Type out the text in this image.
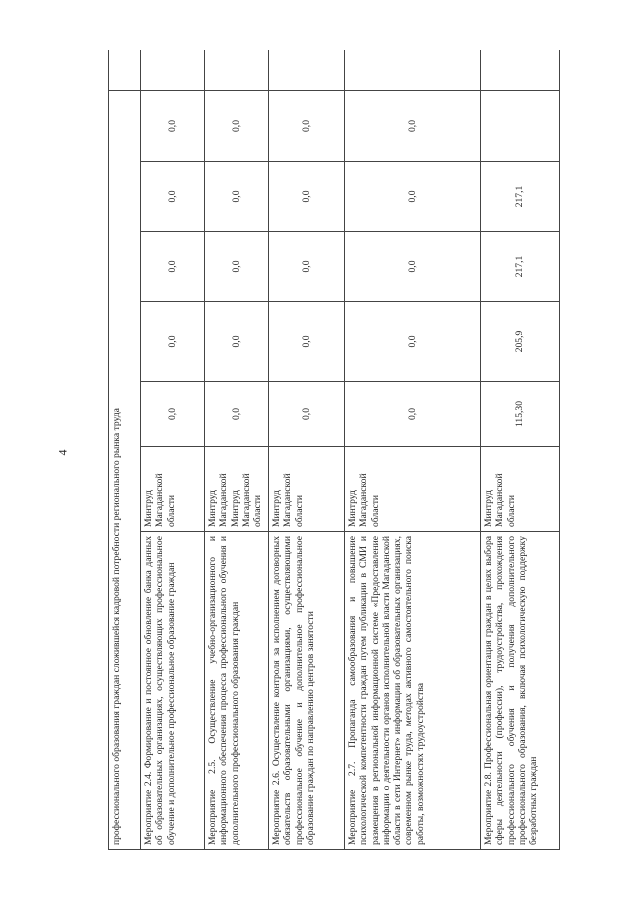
4	профессионального образования граждан сложившейся кадровой потребности регионального рынка труда	Мероприятие 2.4. Формирование и постоянное обновление банка данных об образовательных организациях, осуществляющих профессиональное обучение и дополнительное профессиональное образование граждан
Минтруд Магаданской области
0,0
0,0
0,0
0,0
0,0
Мероприятие 2.5. Осуществление учебно-организационного и информационного обеспечения процесса профессионального обучения и дополнительного профессионального образования граждан
Минтруд Магаданской Минтруд Магаданской области
0,0
0,0
0,0
0,0
0,0
Мероприятие 2.6. Осуществление контроля за исполнением договорных обязательств образовательными организациями, осуществляющими профессиональное обучение и дополнительное профессиональное образование граждан по направлению центров занятости
Минтруд Магаданской области
0,0
0,0
0,0
0,0
0,0
Мероприятие 2.7. Пропаганда самообразования и повышение психологической компетентности граждан путем публикации в СМИ и размещения в региональной информационной системе «Предоставление информации о деятельности органов исполнительной власти Магаданской области в сети Интернет» информации об образовательных организациях, современном рынке труда, методах активного самостоятельного поиска работы, возможностях трудоустройства
Минтруд Магаданской области
0,0
0,0
0,0
0,0
0,0
Мероприятие 2.8. Профессиональная ориентация граждан в целях выбора сферы деятельности (профессии), трудоустройства, прохождения профессионального обучения и получения дополнительного профессионального образования, включая психологическую поддержку безработных граждан
Минтруд Магаданской области
115,30
205,9
217,1
217,1
